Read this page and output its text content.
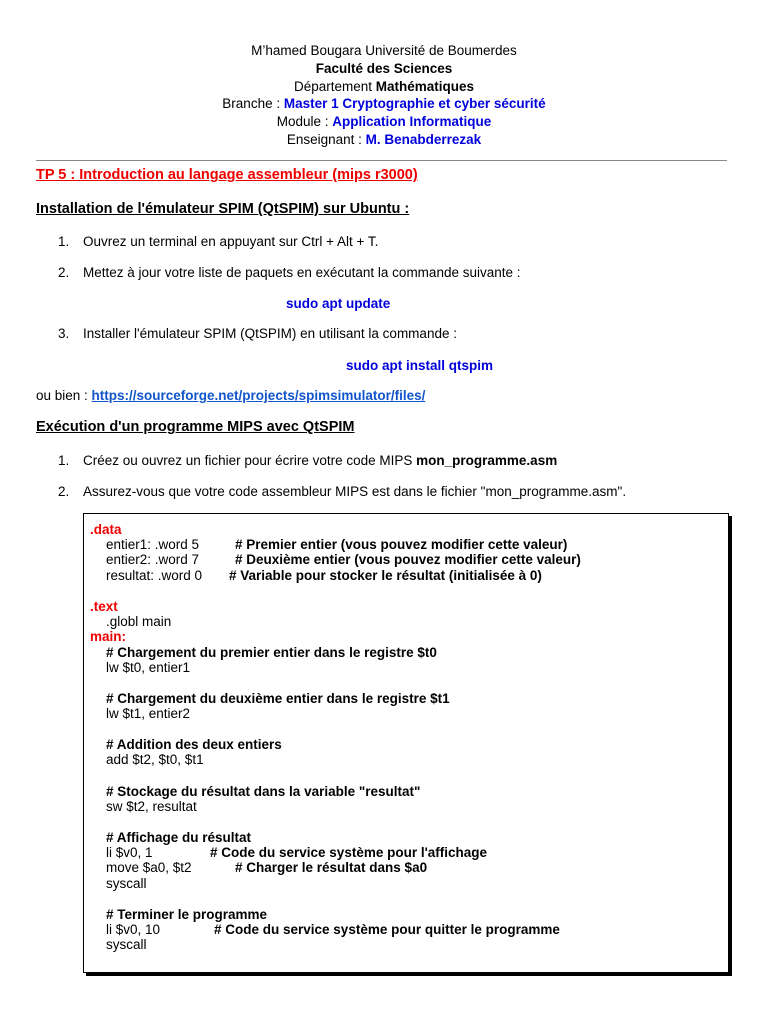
M’hamed Bougara Université de Boumerdes
Faculté des Sciences
Département Mathématiques
Branche : Master 1 Cryptographie et cyber sécurité
Module : Application Informatique
Enseignant : M. Benabderrezak
TP 5 : Introduction au langage assembleur (mips r3000)
Installation de l'émulateur SPIM (QtSPIM) sur Ubuntu :
1. Ouvrez un terminal en appuyant sur Ctrl + Alt + T.
2. Mettez à jour votre liste de paquets en exécutant la commande suivante :
sudo apt update
3. Installer l'émulateur SPIM (QtSPIM) en utilisant la commande :
sudo apt install qtspim
ou bien : https://sourceforge.net/projects/spimsimulator/files/
Exécution d'un programme MIPS avec QtSPIM
1. Créez ou ouvrez un fichier pour écrire votre code MIPS mon_programme.asm
2. Assurez-vous que votre code assembleur MIPS est dans le fichier "mon_programme.asm".
.data
entier1: .word 5	# Premier entier (vous pouvez modifier cette valeur)
entier2: .word 7	# Deuxième entier (vous pouvez modifier cette valeur)
resultat: .word 0 # Variable pour stocker le résultat (initialisée à 0)
.text
.globl main
main:
# Chargement du premier entier dans le registre $t0
lw $t0, entier1
# Chargement du deuxième entier dans le registre $t1
lw $t1, entier2
# Addition des deux entiers
add $t2, $t0, $t1
# Stockage du résultat dans la variable "resultat"
sw $t2, resultat
# Affichage du résultat
li $v0, 1	# Code du service système pour l'affichage
move $a0, $t2	# Charger le résultat dans $a0
syscall
# Terminer le programme
li $v0, 10	# Code du service système pour quitter le programme
syscall
